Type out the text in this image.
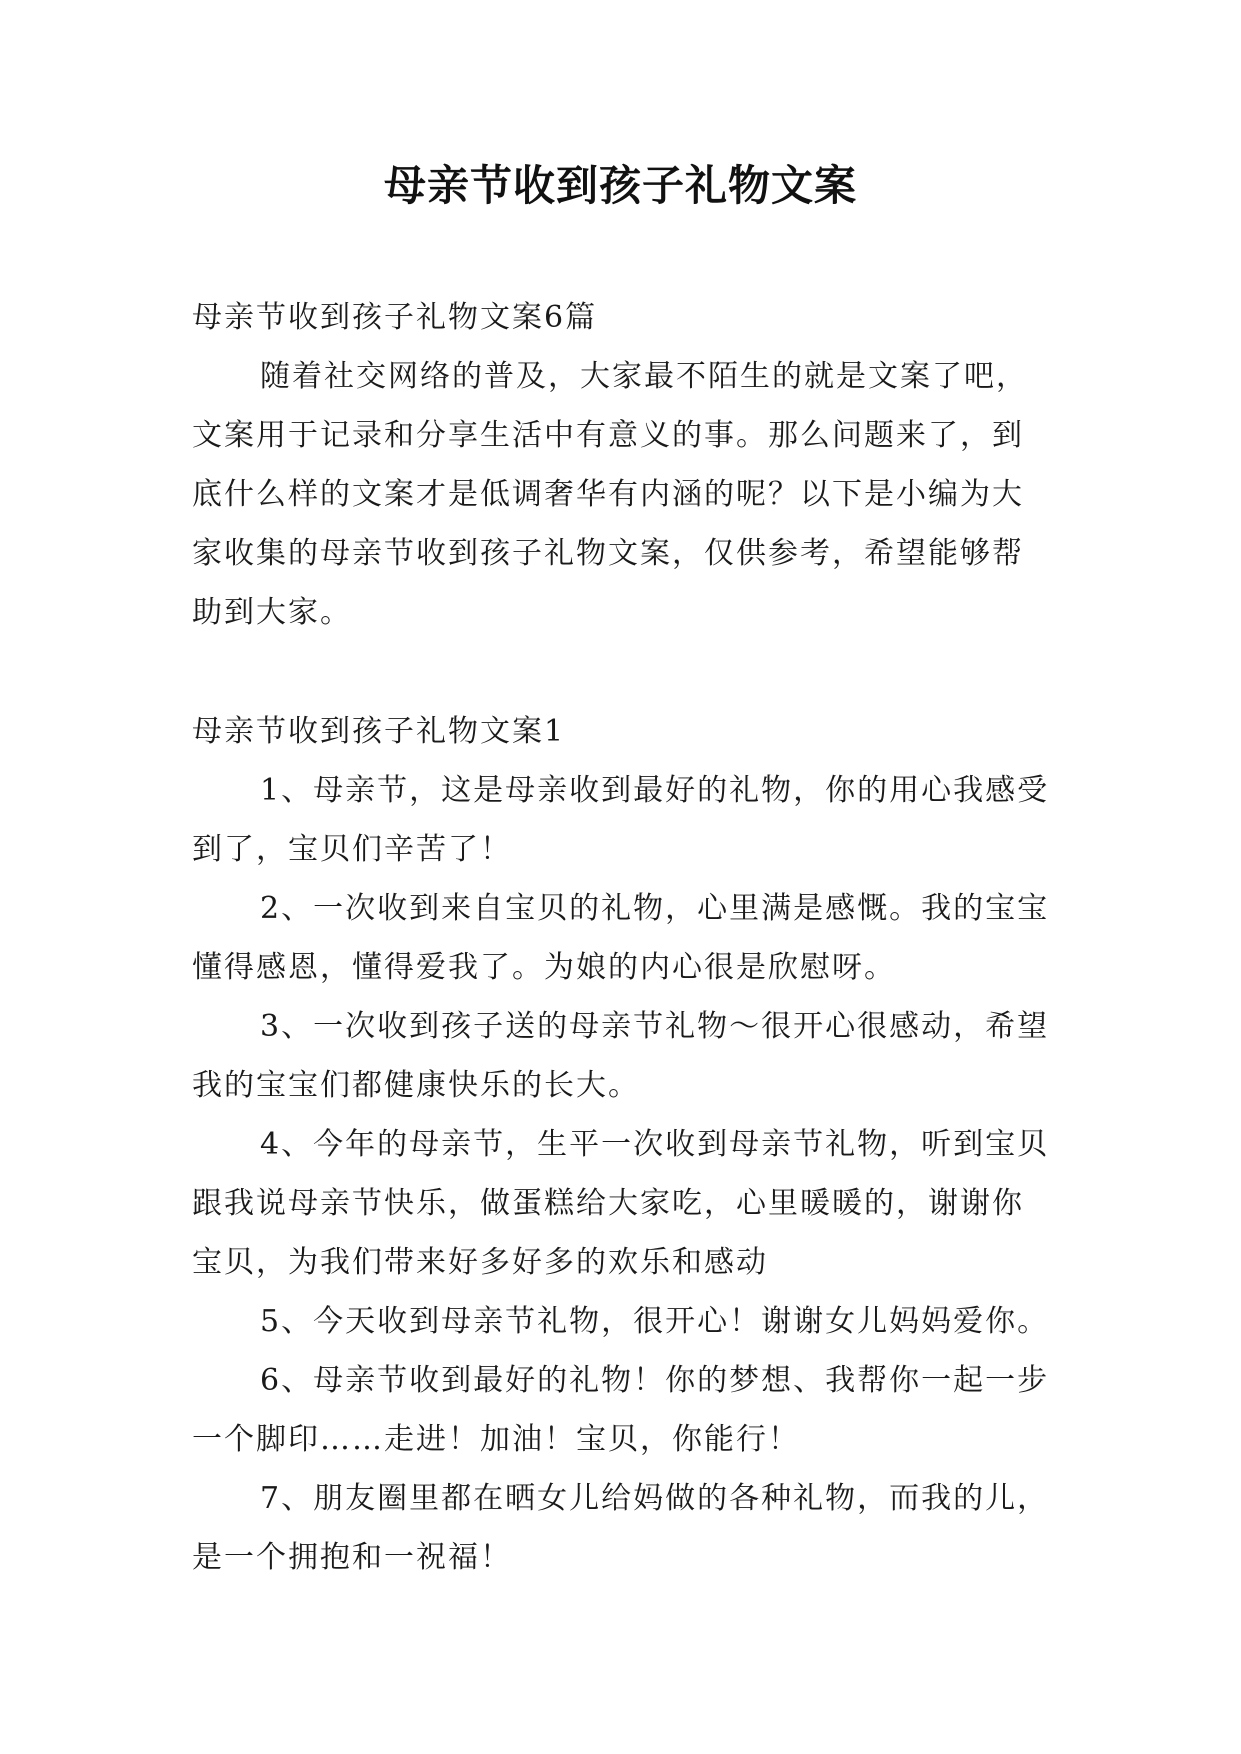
母亲节收到孩子礼物文案

母亲节收到孩子礼物文案6篇

随着社交网络的普及，大家最不陌生的就是文案了吧，文案用于记录和分享生活中有意义的事。那么问题来了，到底什么样的文案才是低调奢华有内涵的呢？以下是小编为大家收集的母亲节收到孩子礼物文案，仅供参考，希望能够帮助到大家。

母亲节收到孩子礼物文案1

1、母亲节，这是母亲收到最好的礼物，你的用心我感受到了，宝贝们辛苦了！

2、一次收到来自宝贝的礼物，心里满是感慨。我的宝宝懂得感恩，懂得爱我了。为娘的内心很是欣慰呀。

3、一次收到孩子送的母亲节礼物～很开心很感动，希望我的宝宝们都健康快乐的长大。

4、今年的母亲节，生平一次收到母亲节礼物，听到宝贝跟我说母亲节快乐，做蛋糕给大家吃，心里暖暖的，谢谢你宝贝，为我们带来好多好多的欢乐和感动

5、今天收到母亲节礼物，很开心！谢谢女儿妈妈爱你。

6、母亲节收到最好的礼物！你的梦想、我帮你一起一步一个脚印……走进！加油！宝贝，你能行！

7、朋友圈里都在晒女儿给妈做的各种礼物，而我的儿，是一个拥抱和一祝福！
